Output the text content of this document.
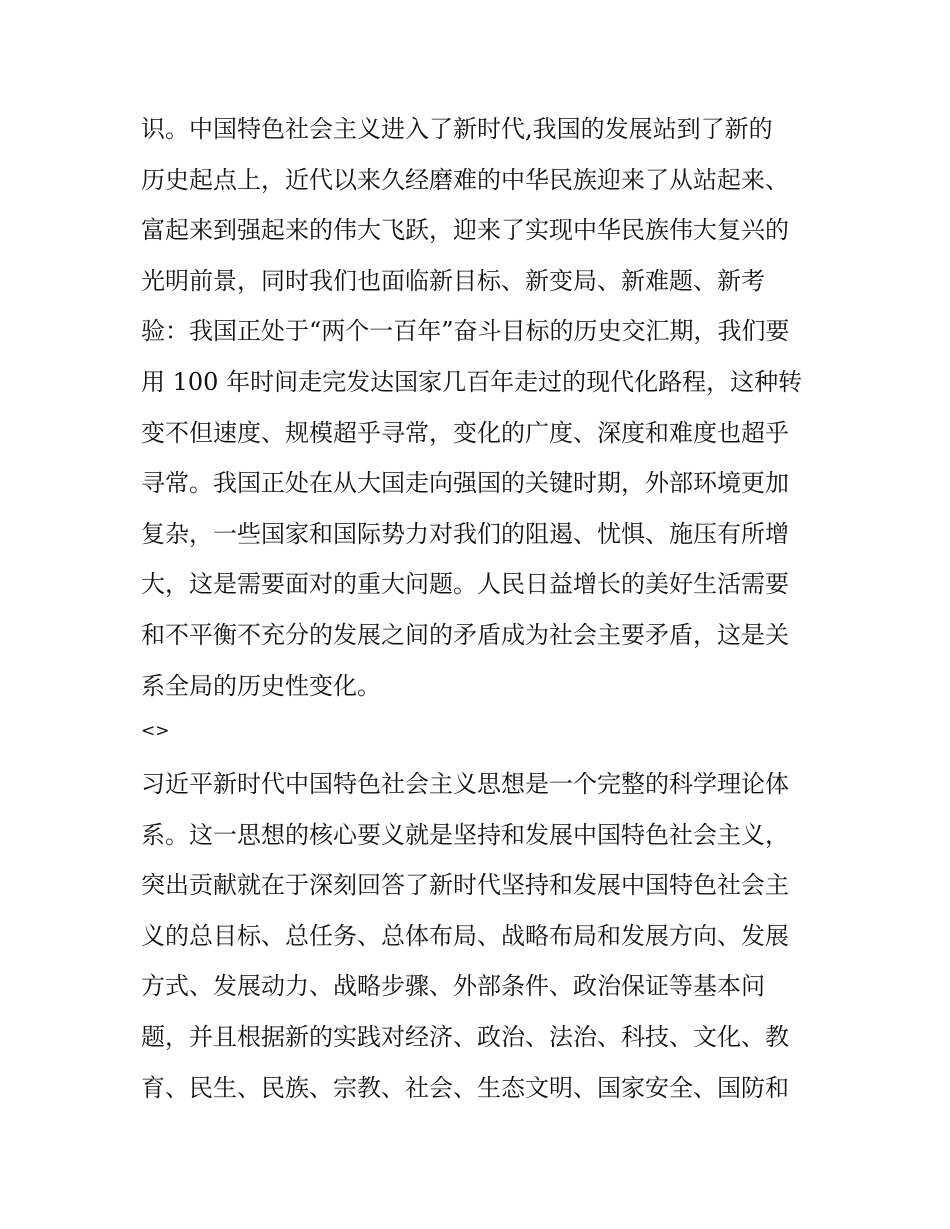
识。中国特色社会主义进入了新时代,我国的发展站到了新的
历史起点上，近代以来久经磨难的中华民族迎来了从站起来、
富起来到强起来的伟大飞跃，迎来了实现中华民族伟大复兴的
光明前景，同时我们也面临新目标、新变局、新难题、新考
验：我国正处于“两个一百年”奋斗目标的历史交汇期，我们要
用 100 年时间走完发达国家几百年走过的现代化路程，这种转
变不但速度、规模超乎寻常，变化的广度、深度和难度也超乎
寻常。我国正处在从大国走向强国的关键时期，外部环境更加
复杂，一些国家和国际势力对我们的阻遏、忧惧、施压有所增
大，这是需要面对的重大问题。人民日益增长的美好生活需要
和不平衡不充分的发展之间的矛盾成为社会主要矛盾，这是关
系全局的历史性变化。
<>
习近平新时代中国特色社会主义思想是一个完整的科学理论体
系。这一思想的核心要义就是坚持和发展中国特色社会主义，
突出贡献就在于深刻回答了新时代坚持和发展中国特色社会主
义的总目标、总任务、总体布局、战略布局和发展方向、发展
方式、发展动力、战略步骤、外部条件、政治保证等基本问
题，并且根据新的实践对经济、政治、法治、科技、文化、教
育、民生、民族、宗教、社会、生态文明、国家安全、国防和
